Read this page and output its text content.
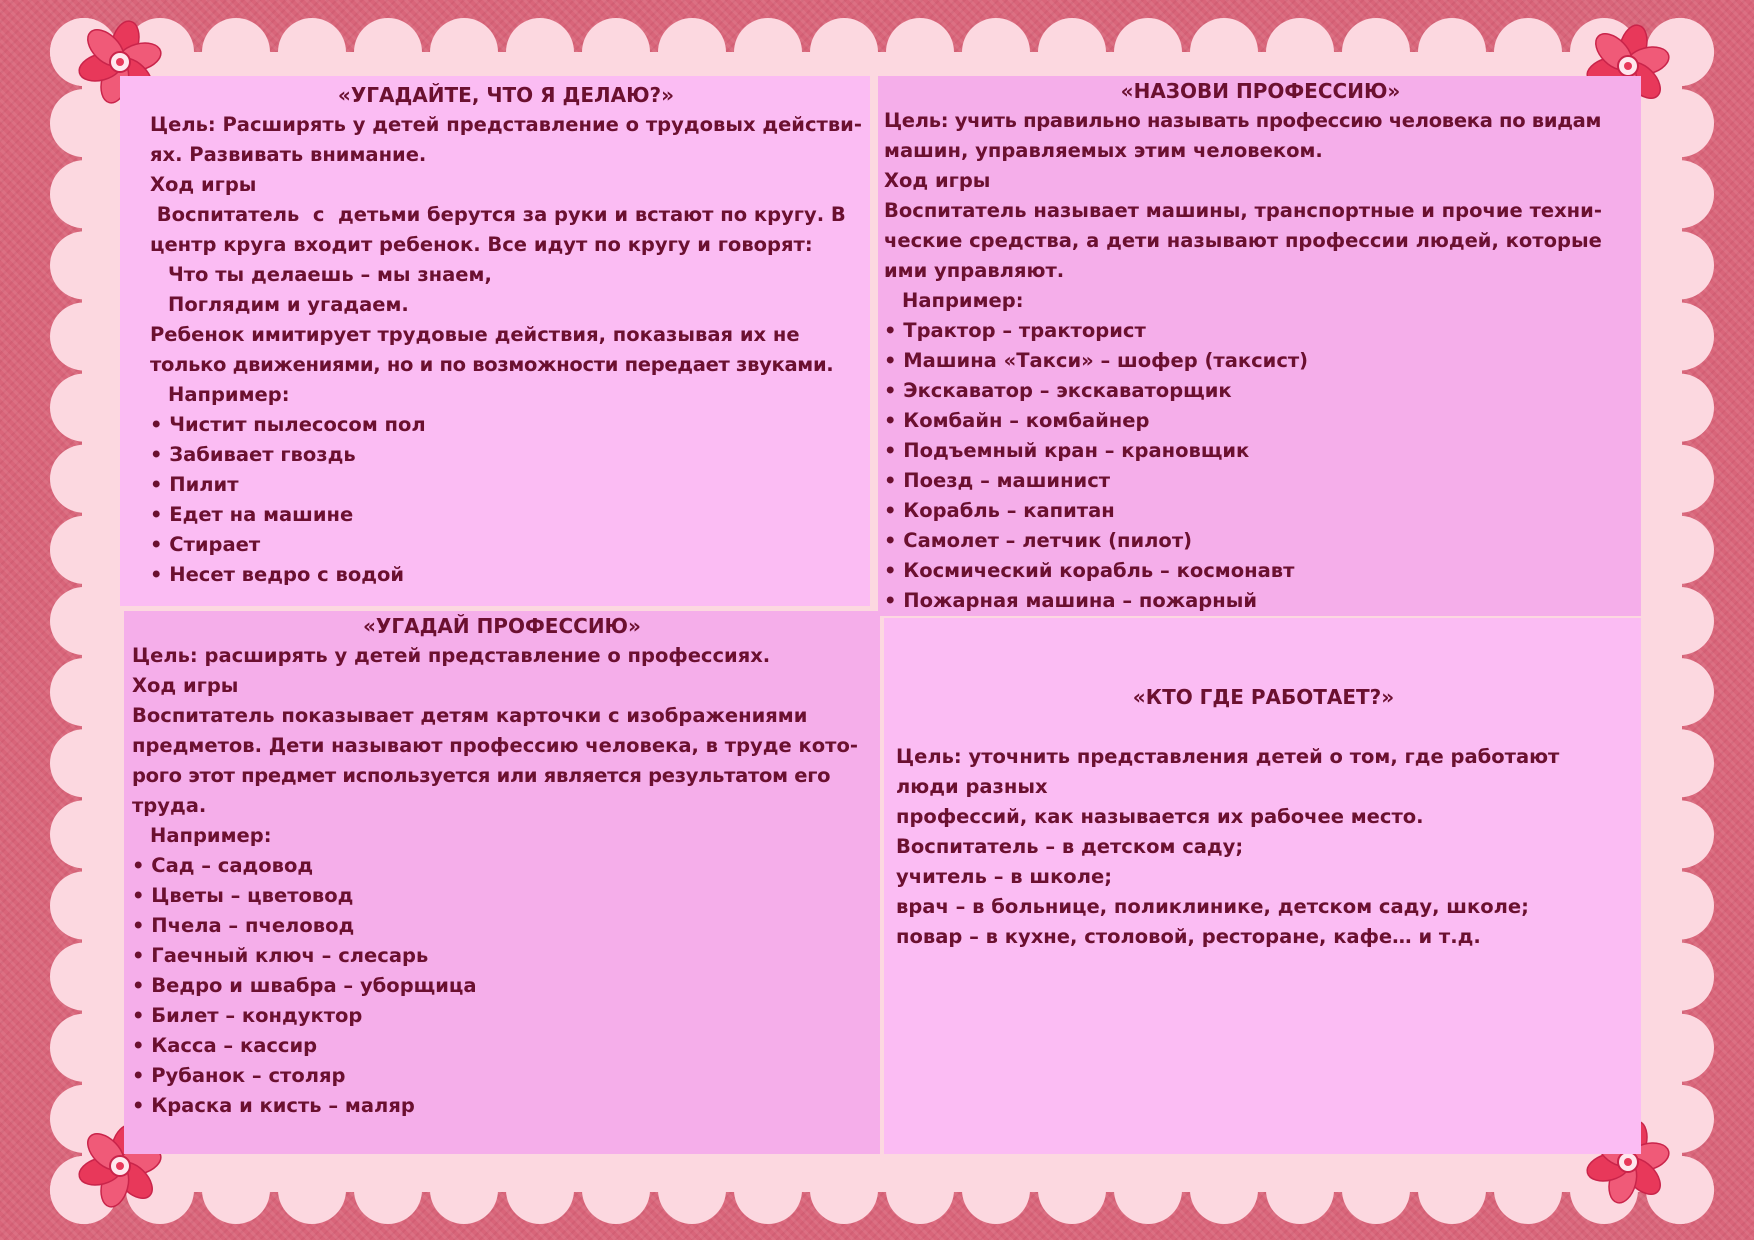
«УГАДАЙТЕ, ЧТО Я ДЕЛАЮ?»

Цель: Расширять у детей представление о трудовых действи-

ях. Развивать внимание.

Ход игры

Воспитатель  с  детьми берутся за руки и встают по кругу. В

центр круга входит ребенок. Все идут по кругу и говорят:

Что ты делаешь – мы знаем,

Поглядим и угадаем.

Ребенок имитирует трудовые действия, показывая их не

только движениями, но и по возможности передает звуками.

Например:

• Чистит пылесосом пол
• Забивает гвоздь
• Пилит
• Едет на машине
• Стирает
• Несет ведро с водой
«НАЗОВИ ПРОФЕССИЮ»

Цель: учить правильно называть профессию человека по видам

машин, управляемых этим человеком.

Ход игры

Воспитатель называет машины, транспортные и прочие техни-

ческие средства, а дети называют профессии людей, которые

ими управляют.

Например:

• Трактор – тракторист
• Машина «Такси» – шофер (таксист)
• Экскаватор – экскаваторщик
• Комбайн – комбайнер
• Подъемный кран – крановщик
• Поезд – машинист
• Корабль – капитан
• Самолет – летчик (пилот)
• Космический корабль – космонавт
• Пожарная машина – пожарный
«УГАДАЙ ПРОФЕССИЮ»

Цель: расширять у детей представление о профессиях.

Ход игры

Воспитатель показывает детям карточки с изображениями

предметов. Дети называют профессию человека, в труде кото-

рого этот предмет используется или является результатом его

труда.

Например:

• Сад – садовод
• Цветы – цветовод
• Пчела – пчеловод
• Гаечный ключ – слесарь
• Ведро и швабра – уборщица
• Билет – кондуктор
• Касса – кассир
• Рубанок – столяр
• Краска и кисть – маляр
«КТО ГДЕ РАБОТАЕТ?»

Цель: уточнить представления детей о том, где работают

люди разных

профессий, как называется их рабочее место.

Воспитатель – в детском саду;

учитель – в школе;

врач – в больнице, поликлинике, детском саду, школе;

повар – в кухне, столовой, ресторане, кафе… и т.д.
